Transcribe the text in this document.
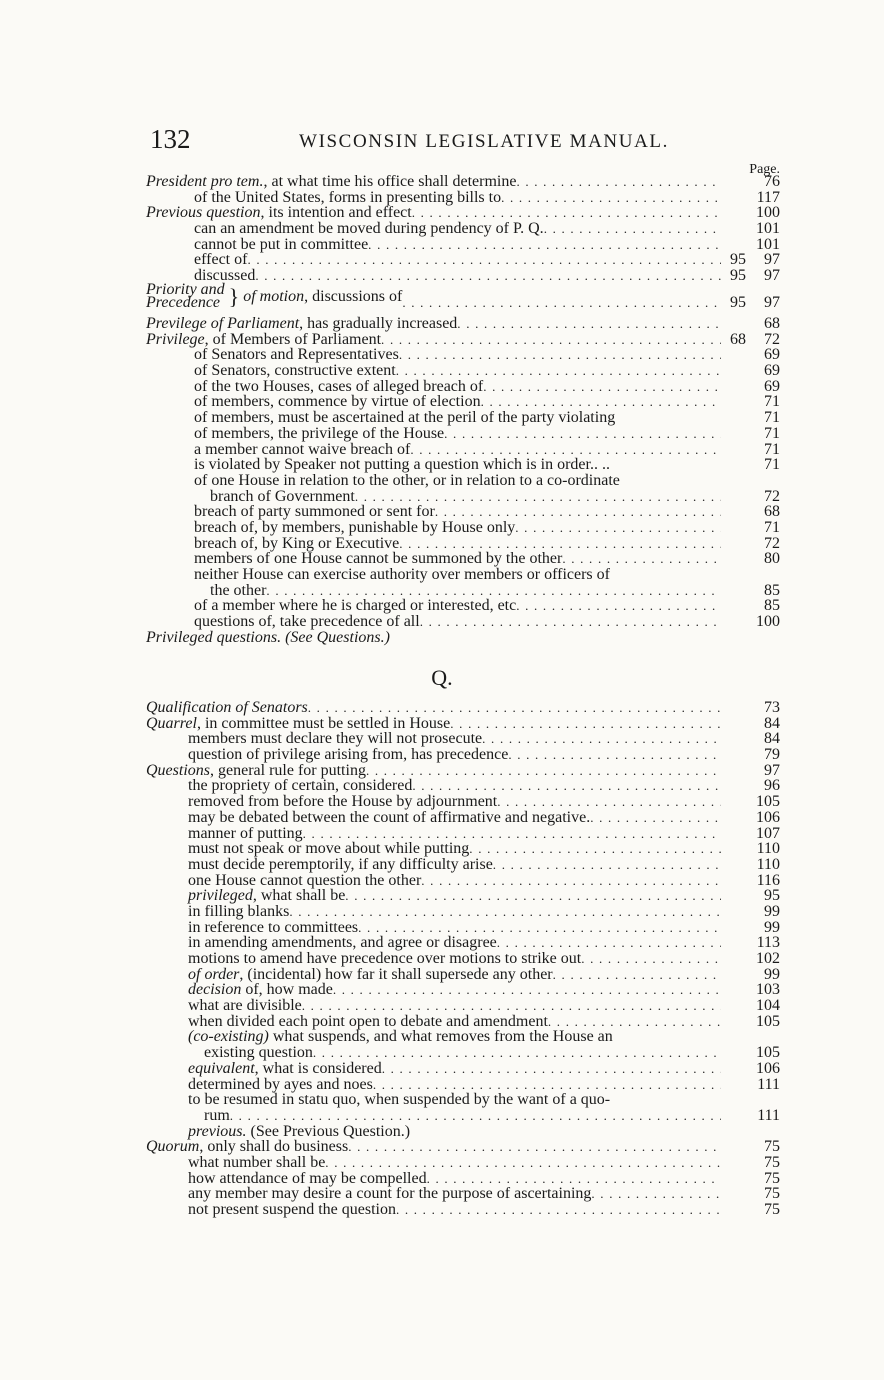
132	WISCONSIN LEGISLATIVE MANUAL.
Page.
President pro tem., at what time his office shall determine . . .	76
of the United States, forms in presenting bills to . . .	117
Previous question, its intention and effect . . .	100
can an amendment be moved during pendency of P. Q. . . .	101
cannot be put in committee . . .	101
effect of . . .	95 97
discussed . . .	95 97
Priority and
Precedence } of motion, discussions of . . .	95 97
Previlege of Parliament, has gradually increased . . .	68
Privilege, of Members of Parliament . . .	68 72
of Senators and Representatives . . .	69
of Senators, constructive extent . . .	69
of the two Houses, cases of alleged breach of . . .	69
of members, commence by virtue of election . . .	71
of members, must be ascertained at the peril of the party violating	71
of members, the privilege of the House . . .	71
a member cannot waive breach of . . .	71
is violated by Speaker not putting a question which is in order.. ..	71
of one House in relation to the other, or in relation to a co-ordinate
branch of Government . . .	72
breach of party summoned or sent for . . .	68
breach of, by members, punishable by House only . . .	71
breach of, by King or Executive . . .	72
members of one House cannot be summoned by the other . . .	80
neither House can exercise authority over members or officers of
the other . . .	85
of a member where he is charged or interested, etc . . .	85
questions of, take precedence of all . . .	100
Privileged questions. (See Questions.)
Q.
Qualification of Senators . . .	73
Quarrel, in committee must be settled in House . . .	84
members must declare they will not prosecute . . .	84
question of privilege arising from, has precedence . . .	79
Questions, general rule for putting . . .	97
the propriety of certain, considered . . .	96
removed from before the House by adjournment . . .	105
may be debated between the count of affirmative and negative. . . .	106
manner of putting . . .	107
must not speak or move about while putting . . .	110
must decide peremptorily, if any difficulty arise . . .	110
one House cannot question the other . . .	116
privileged, what shall be . . .	95
in filling blanks . . .	99
in reference to committees . . .	99
in amending amendments, and agree or disagree . . .	113
motions to amend have precedence over motions to strike out . . .	102
of order, (incidental) how far it shall supersede any other . . .	99
decision of, how made . . .	103
what are divisible . . .	104
when divided each point open to debate and amendment . . .	105
(co-existing) what suspends, and what removes from the House an
existing question . . .	105
equivalent, what is considered . . .	106
determined by ayes and noes . . .	111
to be resumed in statu quo, when suspended by the want of a quo-
rum . . .	111
previous. (See Previous Question.)
Quorum, only shall do business . . .	75
what number shall be . . .	75
how attendance of may be compelled . . .	75
any member may desire a count for the purpose of ascertaining . . .	75
not present suspend the question . . .	75
